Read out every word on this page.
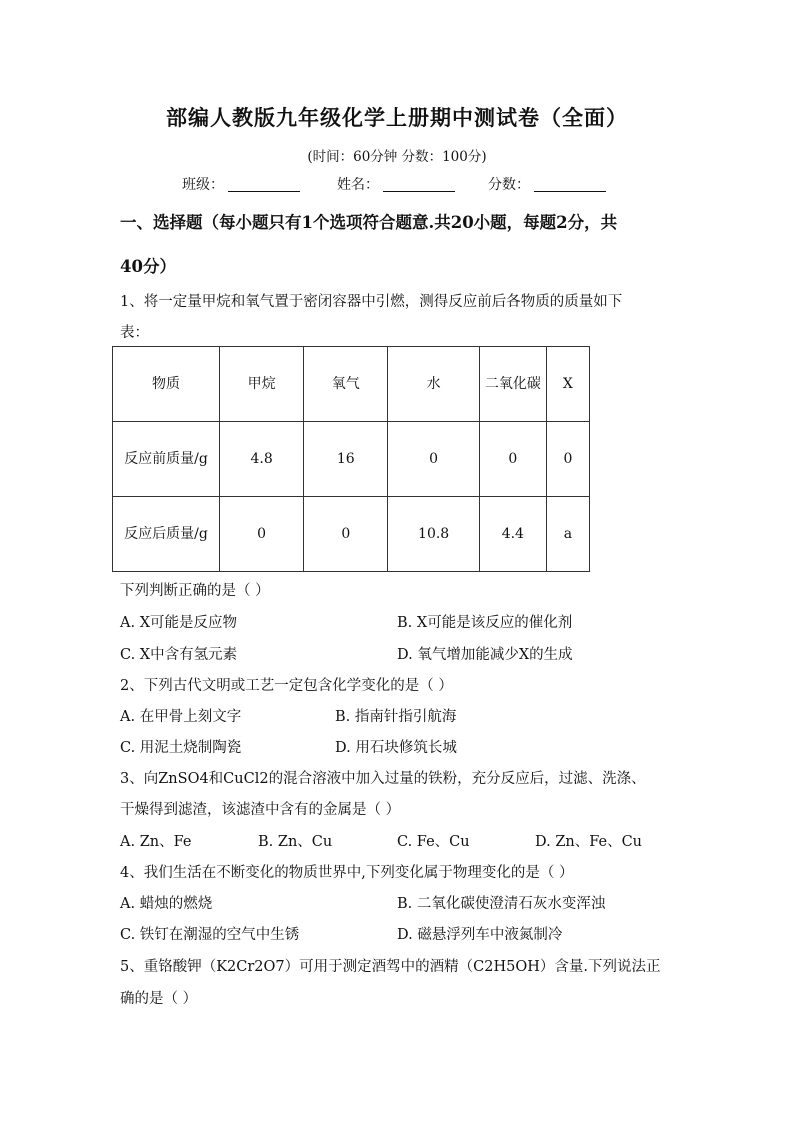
部编人教版九年级化学上册期中测试卷（全面）
(时间：60分钟 分数：100分)
班级：	姓名：	分数：
一、选择题（每小题只有1个选项符合题意.共20小题，每题2分，共
40分）
1、将一定量甲烷和氧气置于密闭容器中引燃，测得反应前后各物质的质量如下
表：
物质	甲烷	氧气	水	二氧化碳	X
反应前质量/g	4.8	16	0	0	0
反应后质量/g	0	0	10.8	4.4	a
下列判断正确的是（ ）
A. X可能是反应物	B. X可能是该反应的催化剂
C. X中含有氢元素	D. 氧气增加能减少X的生成
2、下列古代文明或工艺一定包含化学变化的是（ ）
A. 在甲骨上刻文字	B. 指南针指引航海
C. 用泥土烧制陶瓷	D. 用石块修筑长城
3、向ZnSO4和CuCl2的混合溶液中加入过量的铁粉，充分反应后，过滤、洗涤、
干燥得到滤渣，该滤渣中含有的金属是（ ）
A. Zn、Fe	B. Zn、Cu	C. Fe、Cu	D. Zn、Fe、Cu
4、我们生活在不断变化的物质世界中,下列变化属于物理变化的是（ ）
A. 蜡烛的燃烧	B. 二氧化碳使澄清石灰水变浑浊
C. 铁钉在潮湿的空气中生锈	D. 磁悬浮列车中液氮制冷
5、重铬酸钾（K2Cr2O7）可用于测定酒驾中的酒精（C2H5OH）含量.下列说法正
确的是（ ）
